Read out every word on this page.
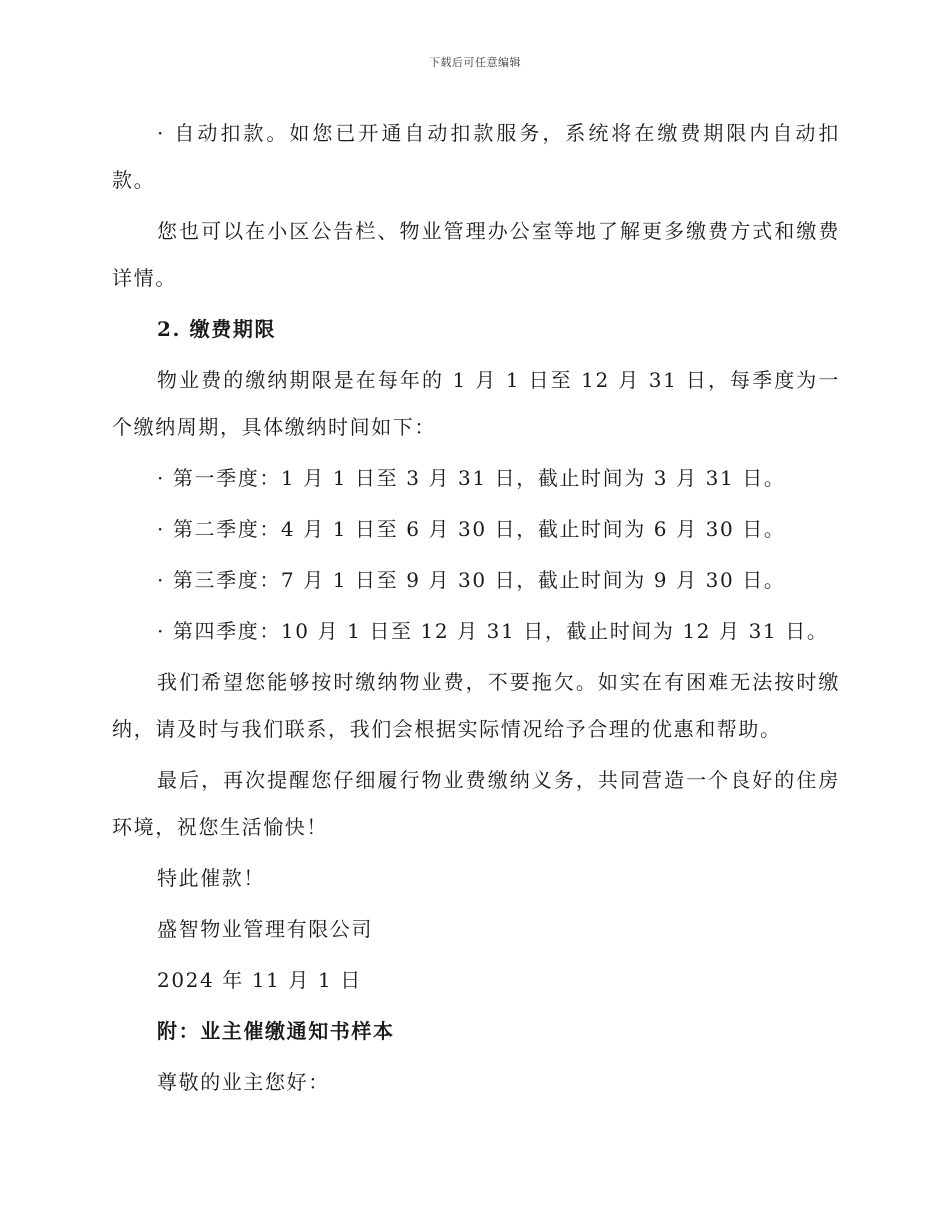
下载后可任意编辑

· 自动扣款。如您已开通自动扣款服务，系统将在缴费期限内自动扣款。

您也可以在小区公告栏、物业管理办公室等地了解更多缴费方式和缴费详情。

2. 缴费期限

物业费的缴纳期限是在每年的 1 月 1 日至 12 月 31 日，每季度为一个缴纳周期，具体缴纳时间如下：

· 第一季度：1 月 1 日至 3 月 31 日，截止时间为 3 月 31 日。

· 第二季度：4 月 1 日至 6 月 30 日，截止时间为 6 月 30 日。

· 第三季度：7 月 1 日至 9 月 30 日，截止时间为 9 月 30 日。

· 第四季度：10 月 1 日至 12 月 31 日，截止时间为 12 月 31 日。

我们希望您能够按时缴纳物业费，不要拖欠。如实在有困难无法按时缴纳，请及时与我们联系，我们会根据实际情况给予合理的优惠和帮助。

最后，再次提醒您仔细履行物业费缴纳义务，共同营造一个良好的住房环境，祝您生活愉快！

特此催款！

盛智物业管理有限公司

2024 年 11 月 1 日

附：业主催缴通知书样本

尊敬的业主您好：
